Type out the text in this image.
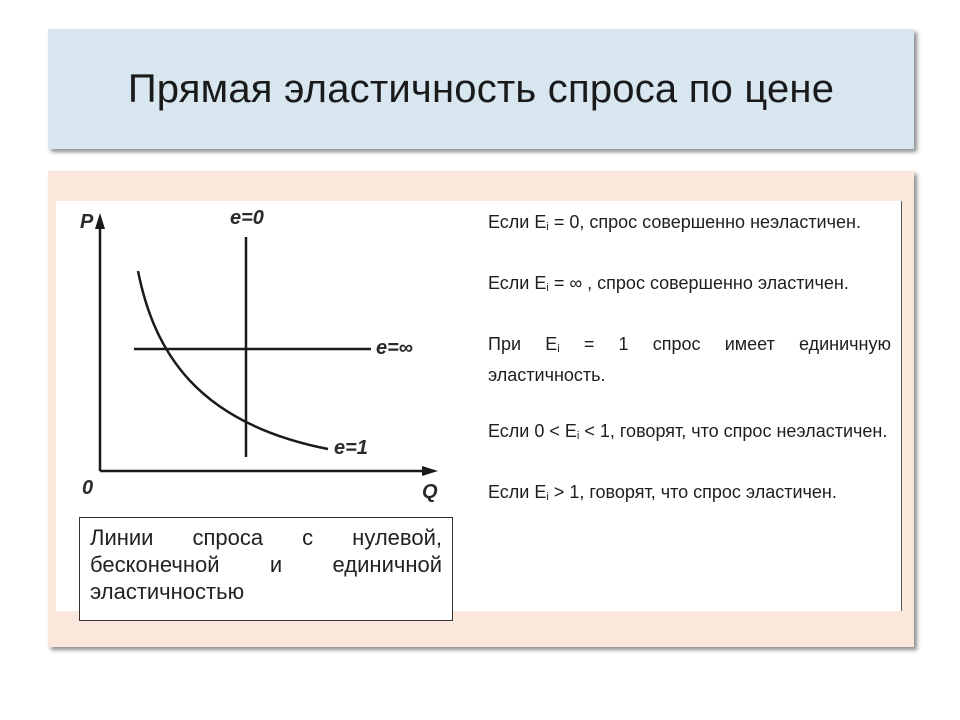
Прямая эластичность спроса по цене
P
Q
0
e=0
e=∞
e=1
Линии спроса с нулевой, бесконечной и единичной эластичностью

Если Ei = 0, спрос совершенно неэластичен.

Если Ei = ∞ , спрос совершенно эластичен.

При Ei = 1 спрос имеет единичную эластичность.

Если 0 < Ei < 1, говорят, что спрос неэластичен.

Если Ei > 1, говорят, что спрос эластичен.
